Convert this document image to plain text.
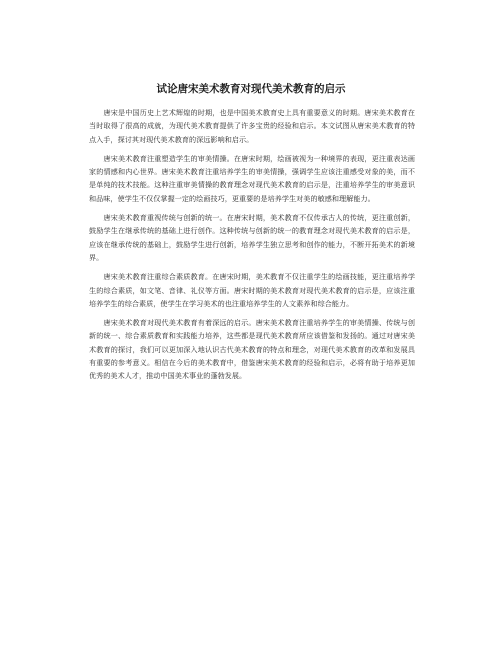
试论唐宋美术教育对现代美术教育的启示

唐宋是中国历史上艺术辉煌的时期，也是中国美术教育史上具有重要意义的时期。唐宋美术教育在当时取得了很高的成就，为现代美术教育提供了许多宝贵的经验和启示。本文试图从唐宋美术教育的特点入手，探讨其对现代美术教育的深远影响和启示。

唐宋美术教育注重塑造学生的审美情操。在唐宋时期，绘画被视为一种境界的表现，更注重表达画家的情感和内心世界。唐宋美术教育注重培养学生的审美情操，强调学生应该注重感受对象的美，而不是单纯的技术技能。这种注重审美情操的教育理念对现代美术教育的启示是，注重培养学生的审美意识和品味，使学生不仅仅掌握一定的绘画技巧，更重要的是培养学生对美的敏感和理解能力。

唐宋美术教育重视传统与创新的统一。在唐宋时期，美术教育不仅传承古人的传统，更注重创新，鼓励学生在继承传统的基础上进行创作。这种传统与创新的统一的教育理念对现代美术教育的启示是，应该在继承传统的基础上，鼓励学生进行创新，培养学生独立思考和创作的能力，不断开拓美术的新境界。

唐宋美术教育注重综合素质教育。在唐宋时期，美术教育不仅注重学生的绘画技能，更注重培养学生的综合素质，如文笔、音律、礼仪等方面。唐宋时期的美术教育对现代美术教育的启示是，应该注重培养学生的综合素质，使学生在学习美术的也注重培养学生的人文素养和综合能力。

唐宋美术教育对现代美术教育有着深远的启示。唐宋美术教育注重培养学生的审美情操、传统与创新的统一、综合素质教育和实践能力培养，这些都是现代美术教育所应该借鉴和发扬的。通过对唐宋美术教育的探讨，我们可以更加深入地认识古代美术教育的特点和理念，对现代美术教育的改革和发展具有重要的参考意义。相信在今后的美术教育中，借鉴唐宋美术教育的经验和启示，必将有助于培养更加优秀的美术人才，推动中国美术事业的蓬勃发展。
